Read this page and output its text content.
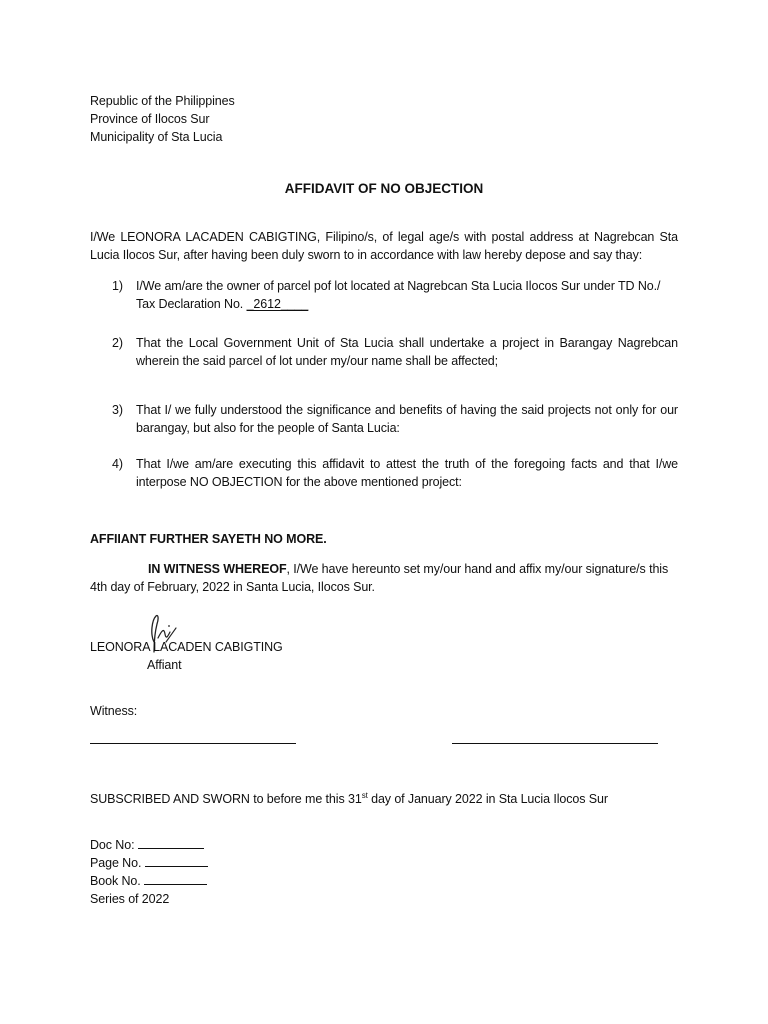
Republic of the Philippines
Province of Ilocos Sur
Municipality of Sta Lucia
AFFIDAVIT OF NO OBJECTION
I/We LEONORA LACADEN CABIGTING, Filipino/s, of legal age/s with postal address at Nagrebcan Sta Lucia Ilocos Sur, after having been duly sworn to in accordance with law hereby depose and say thay:
1) I/We am/are the owner of parcel pof lot located at Nagrebcan Sta Lucia Ilocos Sur under TD No./
Tax Declaration No. _2612____
2) That the Local Government Unit of Sta Lucia shall undertake a project in Barangay Nagrebcan wherein the said parcel of lot under my/our name shall be affected;
3) That I/ we fully understood the significance and benefits of having the said projects not only for our barangay, but also for the people of Santa Lucia:
4) That I/we am/are executing this affidavit to attest the truth of the foregoing facts and that I/we interpose NO OBJECTION for the above mentioned project:
AFFIIANT FURTHER SAYETH NO MORE.
IN WITNESS WHEREOF, I/We have hereunto set my/our hand and affix my/our signature/s this
4th day of February, 2022 in Santa Lucia, Ilocos Sur.
LEONORA LACADEN CABIGTING
Affiant
Witness:
SUBSCRIBED AND SWORN to before me this 31st day of January 2022 in Sta Lucia Ilocos Sur
Doc No:
Page No.
Book No.
Series of 2022
